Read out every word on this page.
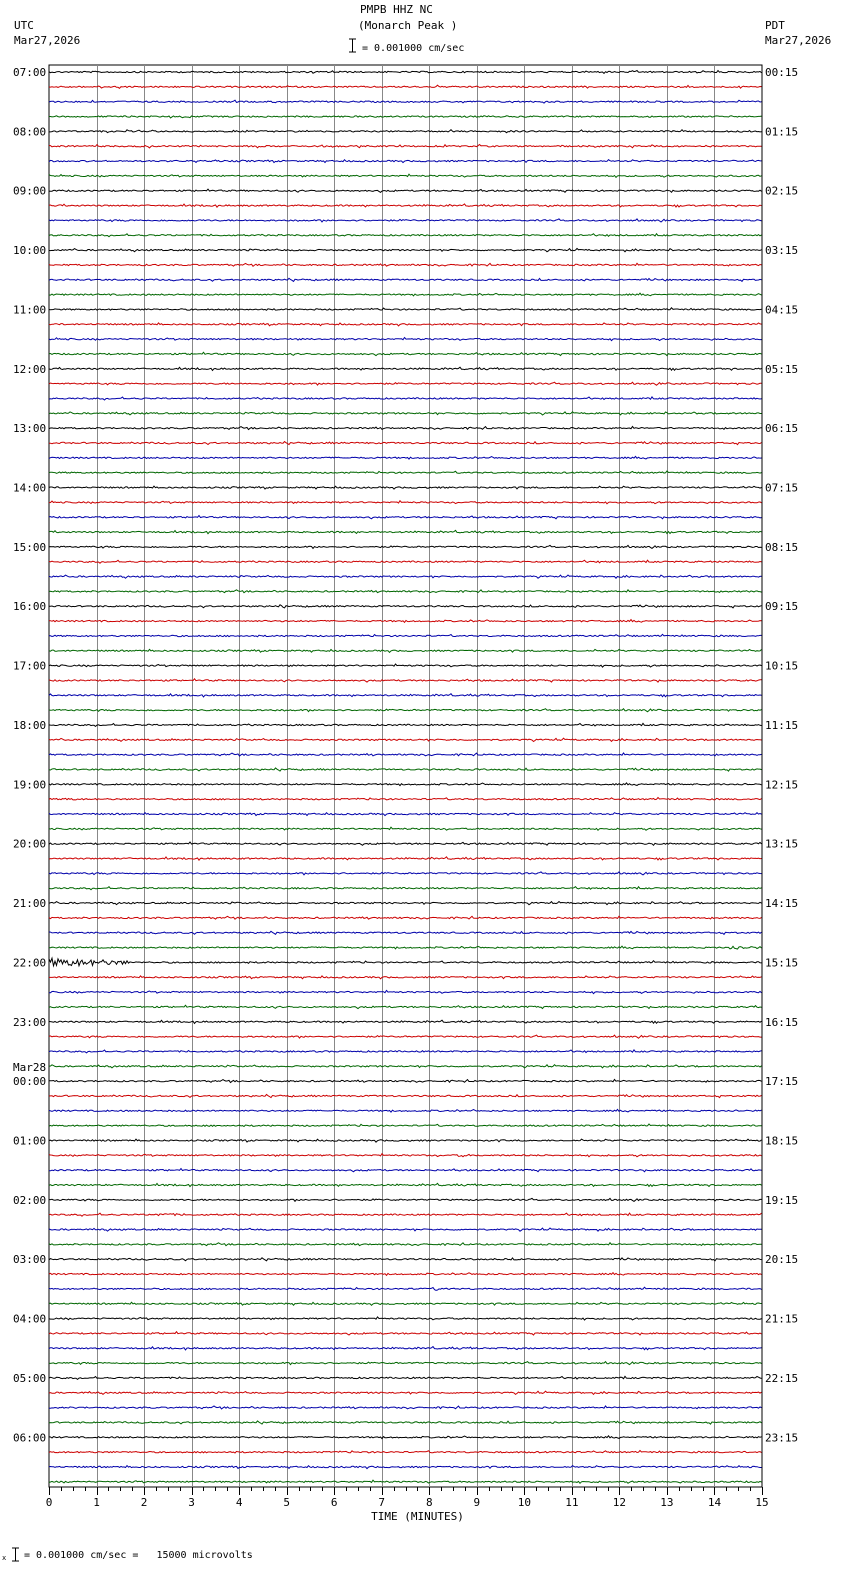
PMPB HHZ NC
(Monarch Peak )
= 0.001000 cm/sec
UTC
Mar27,2026
PDT
Mar27,2026
07:00	00:15
08:00	01:15
09:00	02:15
10:00	03:15
11:00	04:15
12:00	05:15
13:00	06:15
14:00	07:15
15:00	08:15
16:00	09:15
17:00	10:15
18:00	11:15
19:00	12:15
20:00	13:15
21:00	14:15
22:00	15:15
23:00	16:15
00:00	17:15
01:00	18:15
02:00	19:15
03:00	20:15
04:00	21:15
05:00	22:15
06:00	23:15
Mar28
0	1	2	3	4	5	6	7	8	9	10	11	12	13	14	15
TIME (MINUTES)
x = 0.001000 cm/sec =   15000 microvolts
